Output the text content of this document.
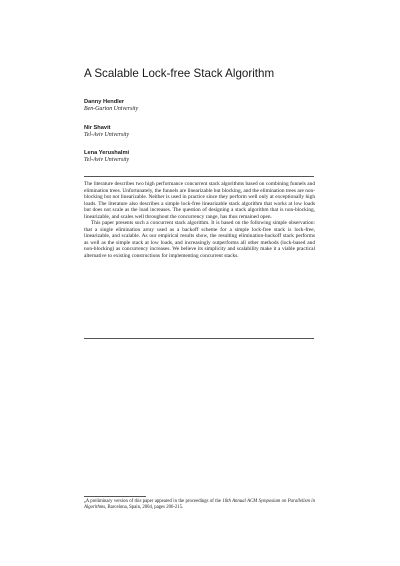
A Scalable Lock-free Stack Algorithm
Danny Hendler
Ben-Gurion University
Nir Shavit
Tel-Aviv University
Lena Yerushalmi
Tel-Aviv University

The literature describes two high performance concurrent stack algorithms based on combining funnels and elimination trees. Unfortunately, the funnels are linearizable but blocking, and the elimination trees are non-blocking but not linearizable. Neither is used in practice since they perform well only at exceptionally high loads. The literature also describes a simple lock-free linearizable stack algorithm that works at low loads but does not scale as the load increases. The question of designing a stack algorithm that is non-blocking, linearizable, and scales well throughout the concurrency range, has thus remained open.

This paper presents such a concurrent stack algorithm. It is based on the following simple observation: that a single elimination array used as a backoff scheme for a simple lock-free stack is lock-free, linearizable, and scalable. As our empirical results show, the resulting elimination-backoff stack performs as well as the simple stack at low loads, and increasingly outperforms all other methods (lock-based and non-blocking) as concurrency increases. We believe its simplicity and scalability make it a viable practical alternative to existing constructions for implementing concurrent stacks.

$^0$A preliminary version of this paper appeared in the proceedings of the 16th Annual ACM Symposium on Parallelism in Algorithms, Barcelona, Spain, 2004, pages 206-215.
